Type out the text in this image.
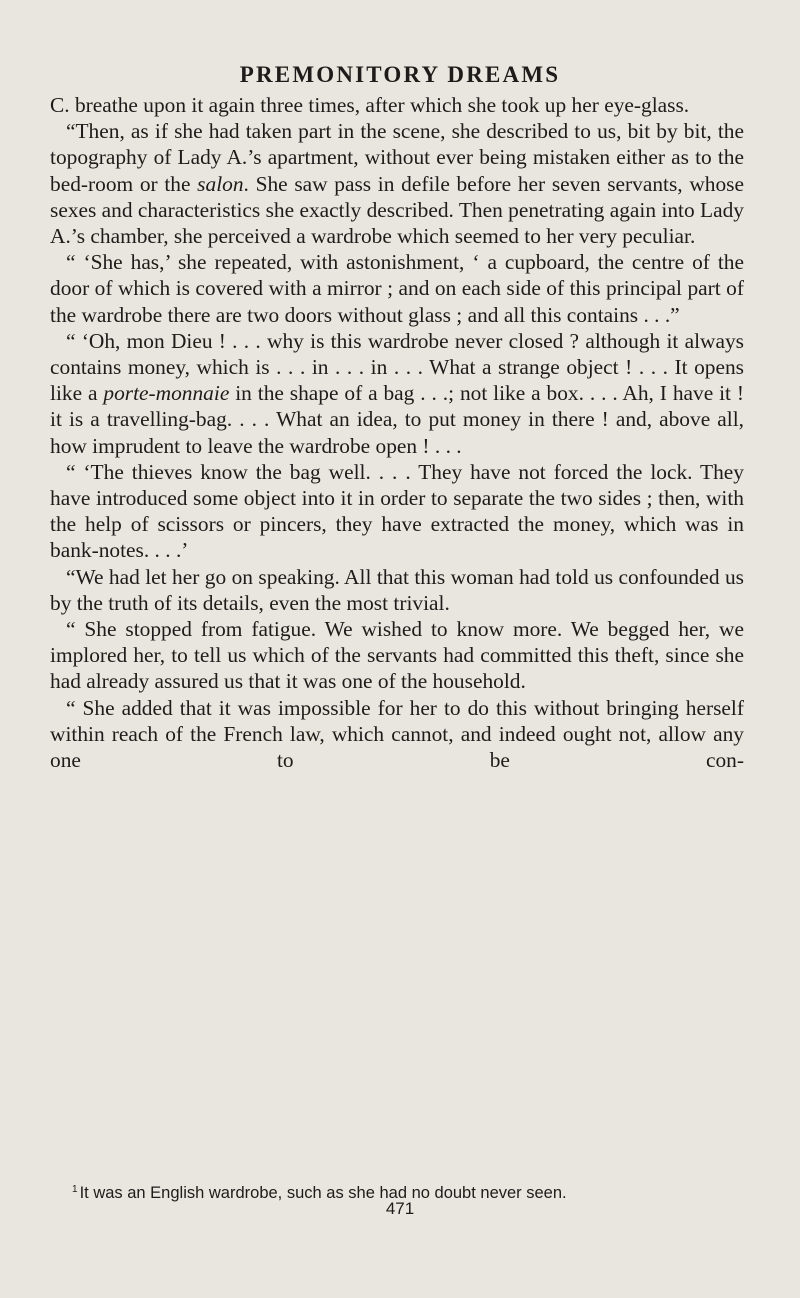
PREMONITORY DREAMS

C. breathe upon it again three times, after which she took up her eye-glass.

“Then, as if she had taken part in the scene, she described to us, bit by bit, the topography of Lady A.’s apartment, without ever being mistaken either as to the bed-room or the salon. She saw pass in defile before her seven servants, whose sexes and characteristics she exactly described. Then penetrating again into Lady A.’s chamber, she perceived a wardrobe which seemed to her very peculiar.

“ ‘She has,’ she repeated, with astonishment, ‘ a cupboard, the centre of the door of which is covered with a mirror ; and on each side of this principal part of the wardrobe there are two doors without glass ; and all this contains . . .”

“ ‘Oh, mon Dieu ! . . . why is this wardrobe never closed ? although it always contains money, which is . . . in . . . in . . . What a strange object ! . . . It opens like a porte-monnaie in the shape of a bag . . .; not like a box. . . . Ah, I have it ! it is a travelling-bag. . . . What an idea, to put money in there ! and, above all, how imprudent to leave the wardrobe open ! . . .

“ ‘The thieves know the bag well. . . . They have not forced the lock. They have introduced some object into it in order to separate the two sides ; then, with the help of scissors or pincers, they have extracted the money, which was in bank-notes. . . .’

“We had let her go on speaking. All that this woman had told us confounded us by the truth of its details, even the most trivial.

“ She stopped from fatigue. We wished to know more. We begged her, we implored her, to tell us which of the servants had committed this theft, since she had already assured us that it was one of the household.

“ She added that it was impossible for her to do this without bringing herself within reach of the French law, which cannot, and indeed ought not, allow any one to be con-

$^1$ It was an English wardrobe, such as she had no doubt never seen.
471
